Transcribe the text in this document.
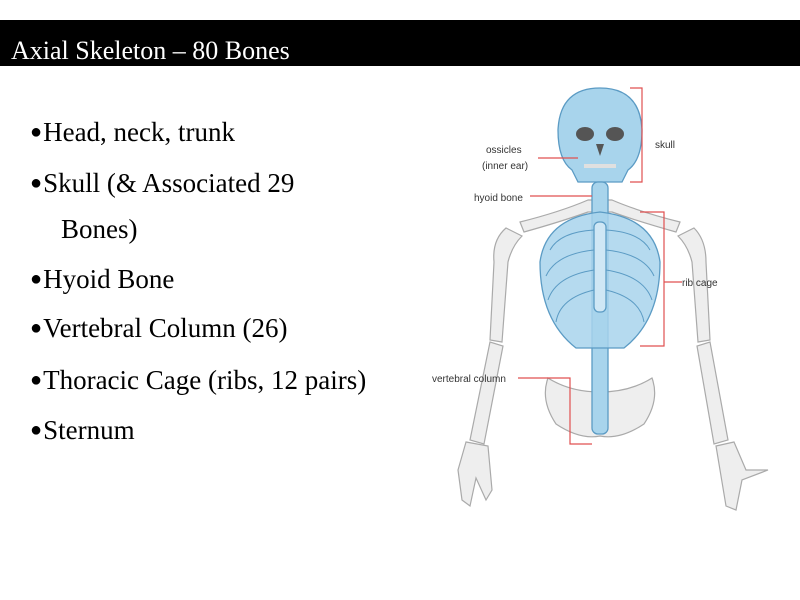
Axial Skeleton – 80 Bones
●Head, neck, trunk
●Skull (& Associated 29
Bones)
●Hyoid Bone
●Vertebral Column (26)
●Thoracic Cage (ribs, 12 pairs)
●Sternum
skull
ossicles
(inner ear)
hyoid bone
rib cage
vertebral column
